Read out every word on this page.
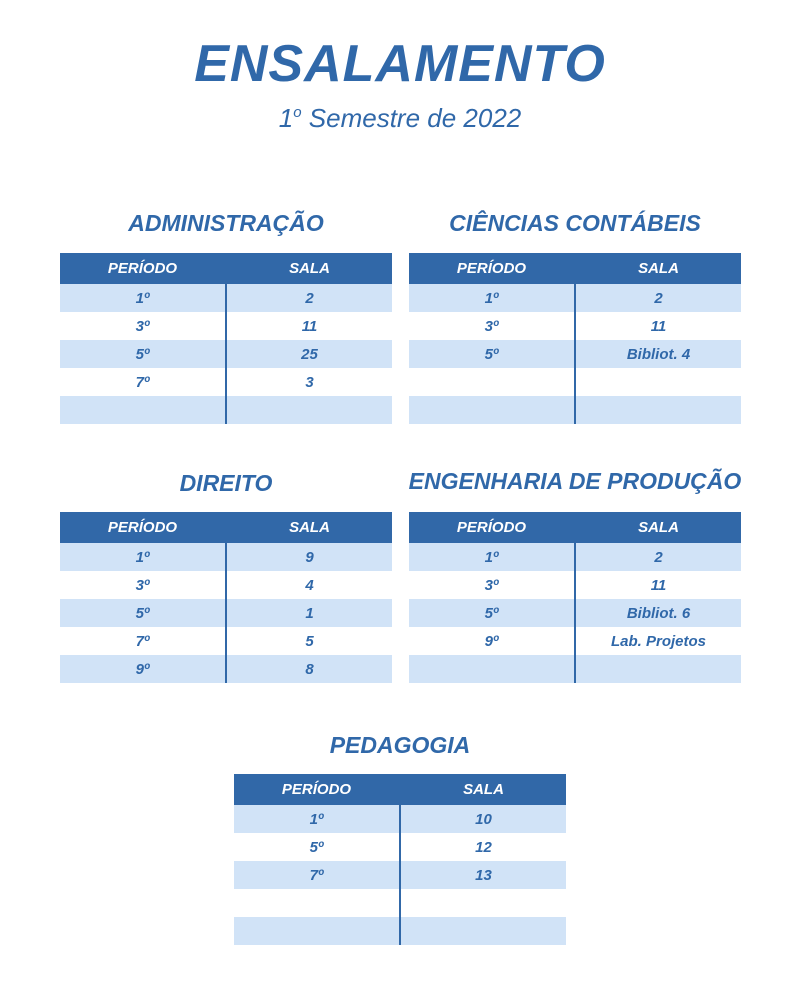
ENSALAMENTO
1$^o$ Semestre de 2022
ADMINISTRAÇÃO
PERÍODO	SALA
1º	2
3º	11
5º	25
7º	3

CIÊNCIAS CONTÁBEIS
PERÍODO	SALA
1º	2
3º	11
5º	Bibliot. 4

DIREITO
PERÍODO	SALA
1º	9
3º	4
5º	1
7º	5
9º	8
ENGENHARIA DE PRODUÇÃO
PERÍODO	SALA
1º	2
3º	11
5º	Bibliot. 6
9º	Lab. Projetos

PEDAGOGIA
PERÍODO	SALA
1º	10
5º	12
7º	13
